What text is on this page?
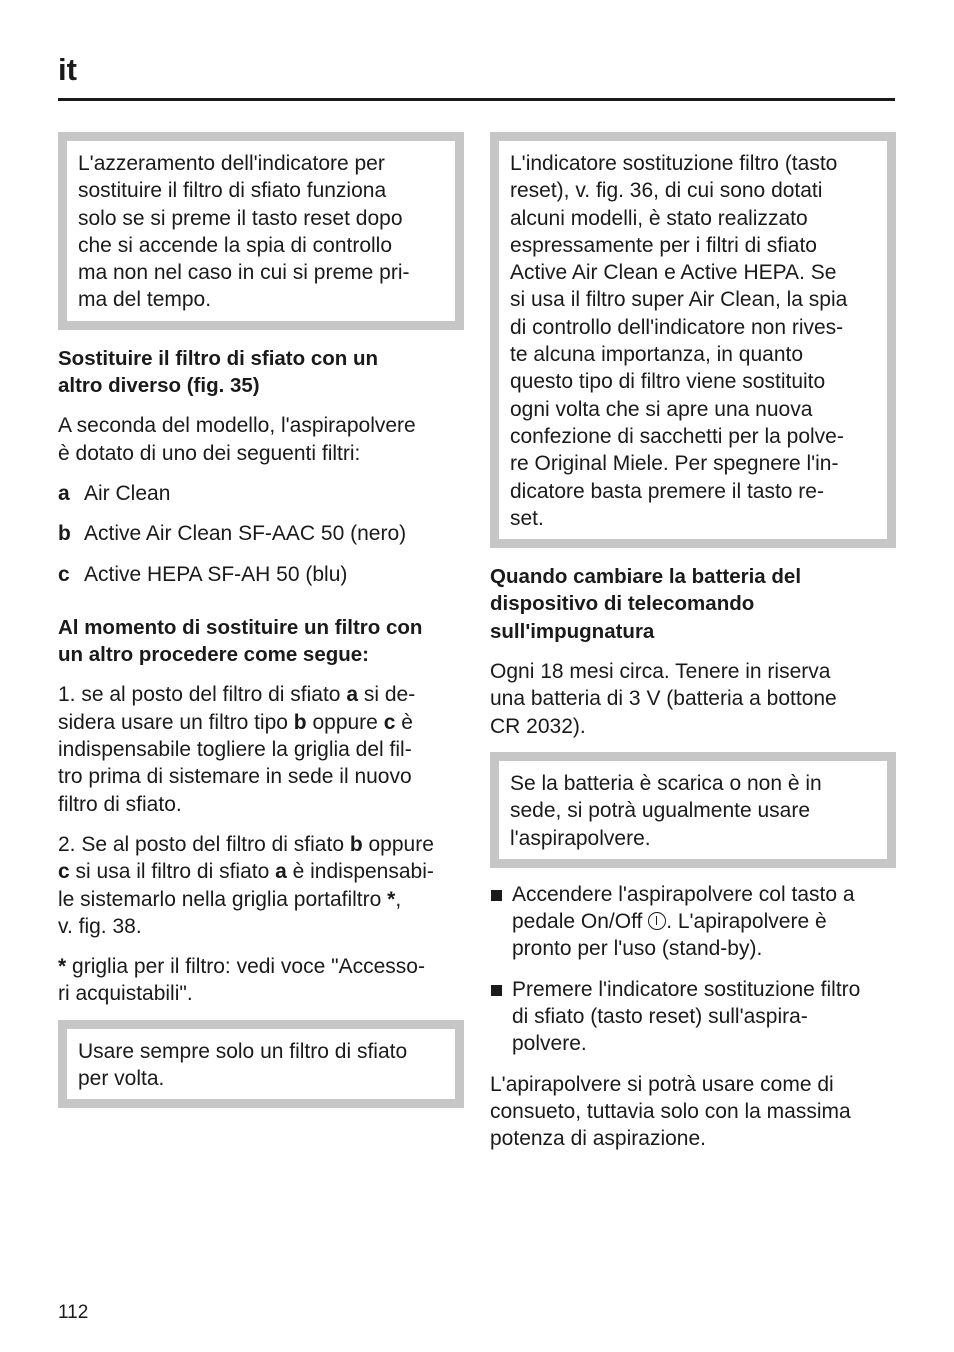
it
L'azzeramento dell'indicatore per
sostituire il filtro di sfiato funziona
solo se si preme il tasto reset dopo
che si accende la spia di controllo
ma non nel caso in cui si preme pri-
ma del tempo.
Sostituire il filtro di sfiato con un
altro diverso (fig. 35)
A seconda del modello, l'aspirapolvere
è dotato di uno dei seguenti filtri:
a Air Clean
b Active Air Clean SF-AAC 50 (nero)
c Active HEPA SF-AH 50 (blu)
Al momento di sostituire un filtro con
un altro procedere come segue:
1. se al posto del filtro di sfiato a si de-
sidera usare un filtro tipo b oppure c è
indispensabile togliere la griglia del fil-
tro prima di sistemare in sede il nuovo
filtro di sfiato.
2. Se al posto del filtro di sfiato b oppure
c si usa il filtro di sfiato a è indispensabi-
le sistemarlo nella griglia portafiltro *,
v. fig. 38.
* griglia per il filtro: vedi voce "Accesso-
ri acquistabili".
Usare sempre solo un filtro di sfiato
per volta.
L'indicatore sostituzione filtro (tasto
reset), v. fig. 36, di cui sono dotati
alcuni modelli, è stato realizzato
espressamente per i filtri di sfiato
Active Air Clean e Active HEPA. Se
si usa il filtro super Air Clean, la spia
di controllo dell'indicatore non rives-
te alcuna importanza, in quanto
questo tipo di filtro viene sostituito
ogni volta che si apre una nuova
confezione di sacchetti per la polve-
re Original Miele. Per spegnere l'in-
dicatore basta premere il tasto re-
set.
Quando cambiare la batteria del
dispositivo di telecomando
sull'impugnatura
Ogni 18 mesi circa. Tenere in riserva
una batteria di 3 V (batteria a bottone
CR 2032).
Se la batteria è scarica o non è in
sede, si potrà ugualmente usare
l'aspirapolvere.
Accendere l'aspirapolvere col tasto a
pedale On/Off . L'apirapolvere è
pronto per l'uso (stand-by).
Premere l'indicatore sostituzione filtro
di sfiato (tasto reset) sull'aspira-
polvere.
L'apirapolvere si potrà usare come di
consueto, tuttavia solo con la massima
potenza di aspirazione.
112
